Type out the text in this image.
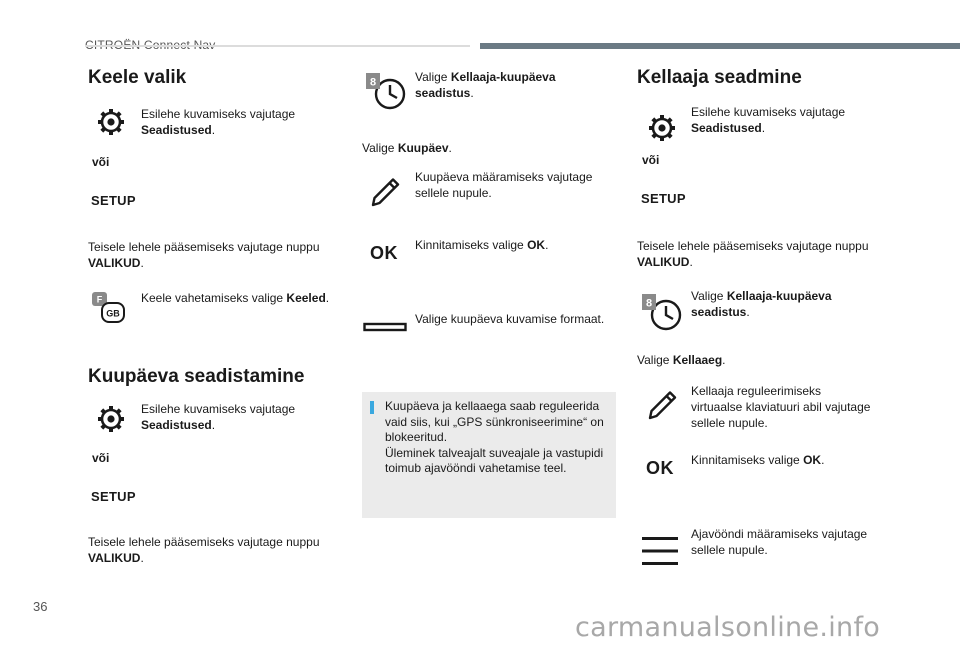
Keele valik
Esilehe kuvamiseks vajutage
Seadistused.
või
SETUP
Teisele lehele pääsemiseks vajutage nuppu
VALIKUD.
F
GB
Keele vahetamiseks valige Keeled.
Kuupäeva seadistamine
Esilehe kuvamiseks vajutage
Seadistused.
või
SETUP
Teisele lehele pääsemiseks vajutage nuppu
VALIKUD.
8	Valige Kellaaja-kuupäeva seadistus.
Valige Kuupäev.
Kuupäeva määramiseks vajutage sellele nupule.
OK Kinnitamiseks valige OK.
Valige kuupäeva kuvamise formaat.
Kuupäeva ja kellaaega saab reguleerida vaid siis, kui „GPS sünkroniseerimine“ on blokeeritud.
Üleminek talveajalt suveajale ja vastupidi toimub ajavööndi vahetamise teel.
Kellaaja seadmine
Esilehe kuvamiseks vajutage
Seadistused.
või
SETUP
Teisele lehele pääsemiseks vajutage nuppu
VALIKUD.
8
Valige Kellaaja-kuupäeva seadistus.
Valige Kellaaeg.
Kellaaja reguleerimiseks virtuaalse klaviatuuri abil vajutage sellele nupule.
OK Kinnitamiseks valige OK.
Ajavööndi määramiseks vajutage sellele nupule.
36
carmanualsonline.info
